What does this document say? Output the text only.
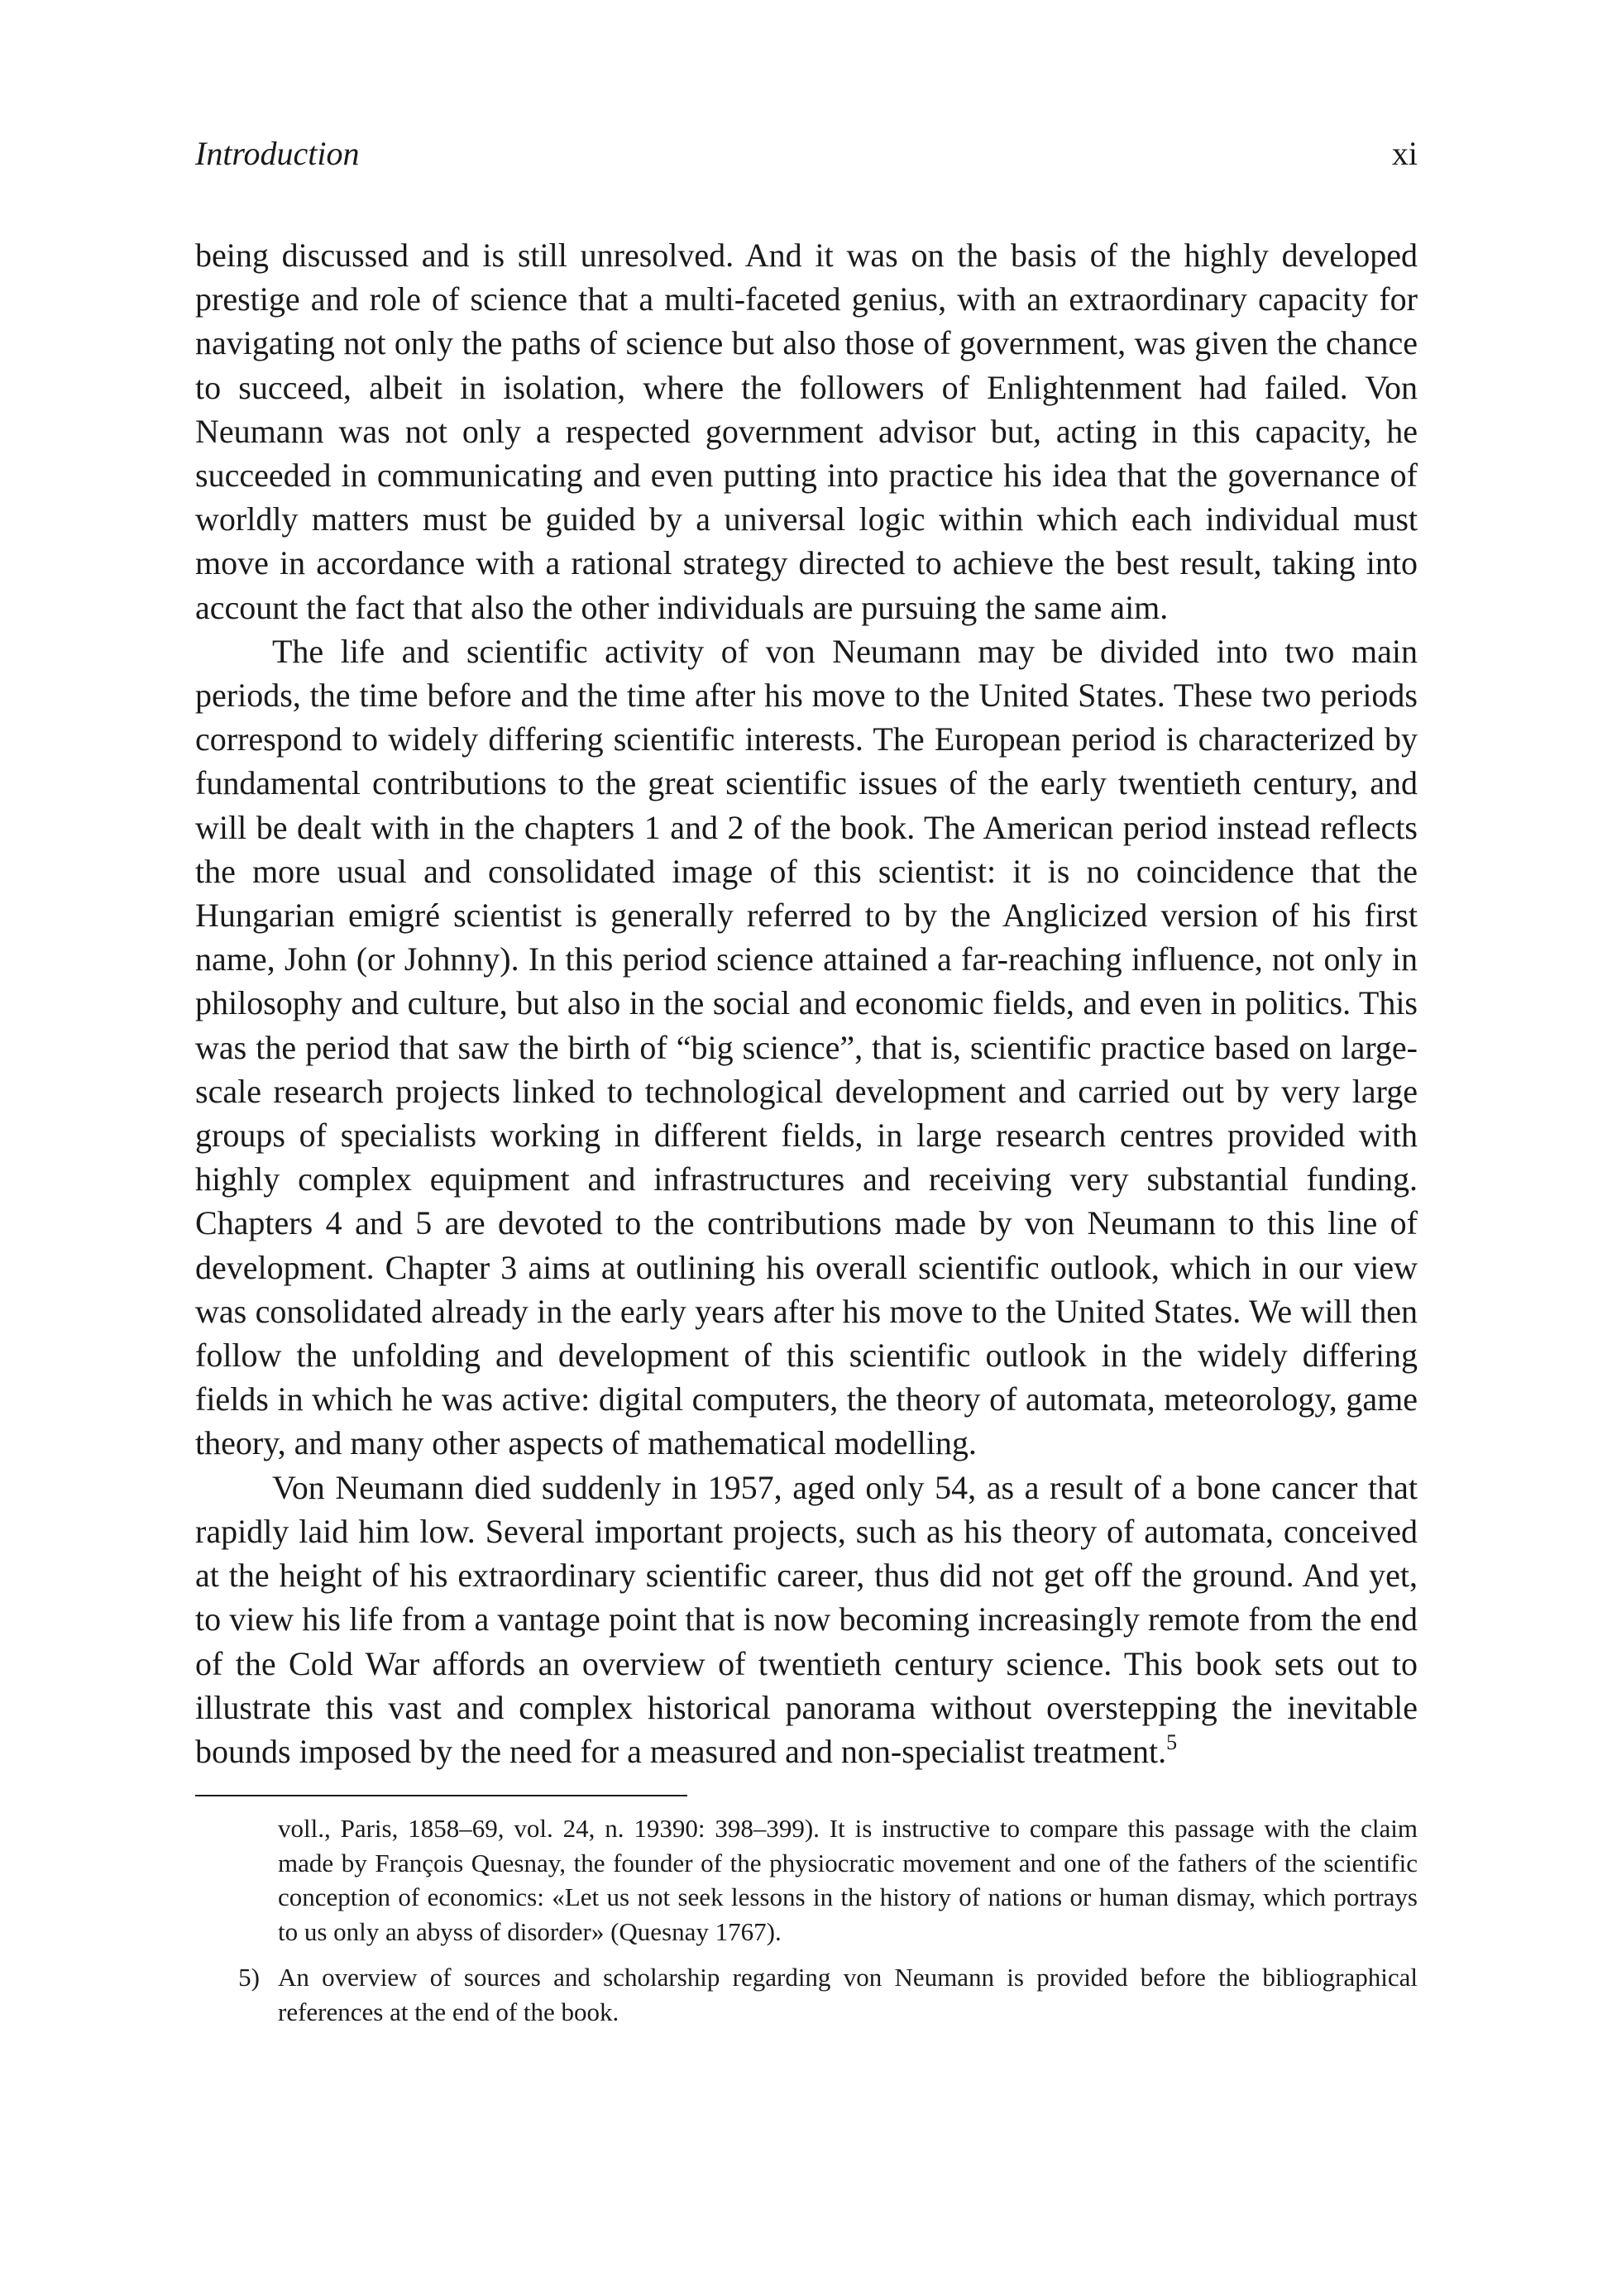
Introduction	xi

being discussed and is still unresolved. And it was on the basis of the highly developed prestige and role of science that a multi-faceted genius, with an extraordinary capacity for navigating not only the paths of science but also those of government, was given the chance to succeed, albeit in isolation, where the followers of Enlightenment had failed. Von Neumann was not only a respected government advisor but, acting in this capacity, he succeeded in communicating and even putting into practice his idea that the governance of worldly matters must be guided by a universal logic within which each individual must move in accordance with a rational strategy directed to achieve the best result, taking into account the fact that also the other individuals are pursuing the same aim.

The life and scientific activity of von Neumann may be divided into two main periods, the time before and the time after his move to the United States. These two periods correspond to widely differing scientific interests. The European period is characterized by fundamental contributions to the great scientific issues of the early twentieth century, and will be dealt with in the chapters 1 and 2 of the book. The American period instead reflects the more usual and consolidated image of this scientist: it is no coincidence that the Hungarian emigré scientist is generally referred to by the Anglicized version of his first name, John (or Johnny). In this period science attained a far-reaching influence, not only in philosophy and culture, but also in the social and economic fields, and even in politics. This was the period that saw the birth of “big science”, that is, scientific practice based on large-scale research projects linked to technological development and carried out by very large groups of specialists working in different fields, in large research centres provided with highly complex equipment and infrastructures and receiving very substantial funding. Chapters 4 and 5 are devoted to the contributions made by von Neumann to this line of development. Chapter 3 aims at outlining his overall scientific outlook, which in our view was consolidated already in the early years after his move to the United States. We will then follow the unfolding and development of this scientific outlook in the widely differing fields in which he was active: digital computers, the theory of automata, meteorology, game theory, and many other aspects of mathematical modelling.

Von Neumann died suddenly in 1957, aged only 54, as a result of a bone cancer that rapidly laid him low. Several important projects, such as his theory of automata, conceived at the height of his extraordinary scientific career, thus did not get off the ground. And yet, to view his life from a vantage point that is now becoming increasingly remote from the end of the Cold War affords an overview of twentieth century science. This book sets out to illustrate this vast and complex historical panorama without overstepping the inevitable bounds imposed by the need for a measured and non-specialist treatment.$^5$

voll., Paris, 1858–69, vol. 24, n. 19390: 398–399). It is instructive to compare this passage with the claim made by François Quesnay, the founder of the physiocratic movement and one of the fathers of the scientific conception of economics: «Let us not seek lessons in the history of nations or human dismay, which portrays to us only an abyss of disorder» (Quesnay 1767).
5) An overview of sources and scholarship regarding von Neumann is provided before the bibliographical references at the end of the book.
